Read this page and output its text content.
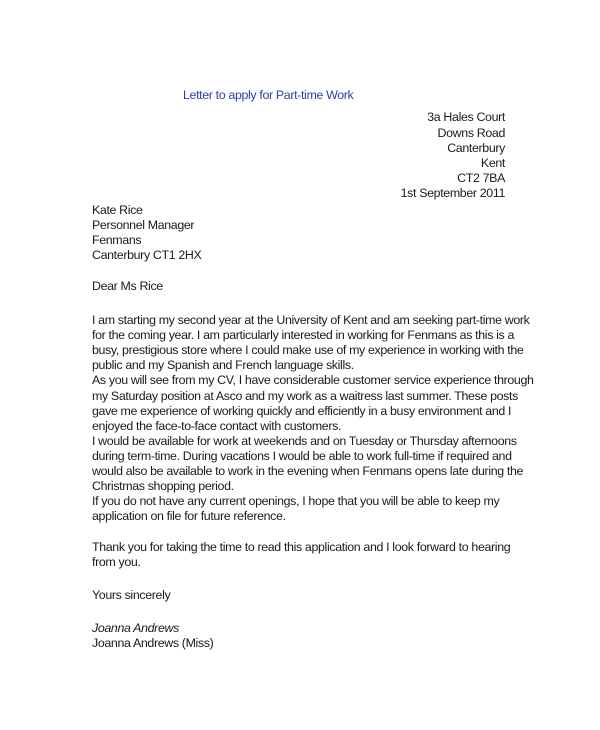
Letter to apply for Part-time Work
3a Hales Court
Downs Road
Canterbury
Kent
CT2 7BA
1st September 2011
Kate Rice
Personnel Manager
Fenmans
Canterbury CT1 2HX
Dear Ms Rice
I am starting my second year at the University of Kent and am seeking part-time work
for the coming year. I am particularly interested in working for Fenmans as this is a
busy, prestigious store where I could make use of my experience in working with the
public and my Spanish and French language skills.
As you will see from my CV, I have considerable customer service experience through
my Saturday position at Asco and my work as a waitress last summer. These posts
gave me experience of working quickly and efficiently in a busy environment and I
enjoyed the face-to-face contact with customers.
I would be available for work at weekends and on Tuesday or Thursday afternoons
during term-time. During vacations I would be able to work full-time if required and
would also be available to work in the evening when Fenmans opens late during the
Christmas shopping period.
If you do not have any current openings, I hope that you will be able to keep my
application on file for future reference.
Thank you for taking the time to read this application and I look forward to hearing
from you.
Yours sincerely
Joanna Andrews
Joanna Andrews (Miss)
